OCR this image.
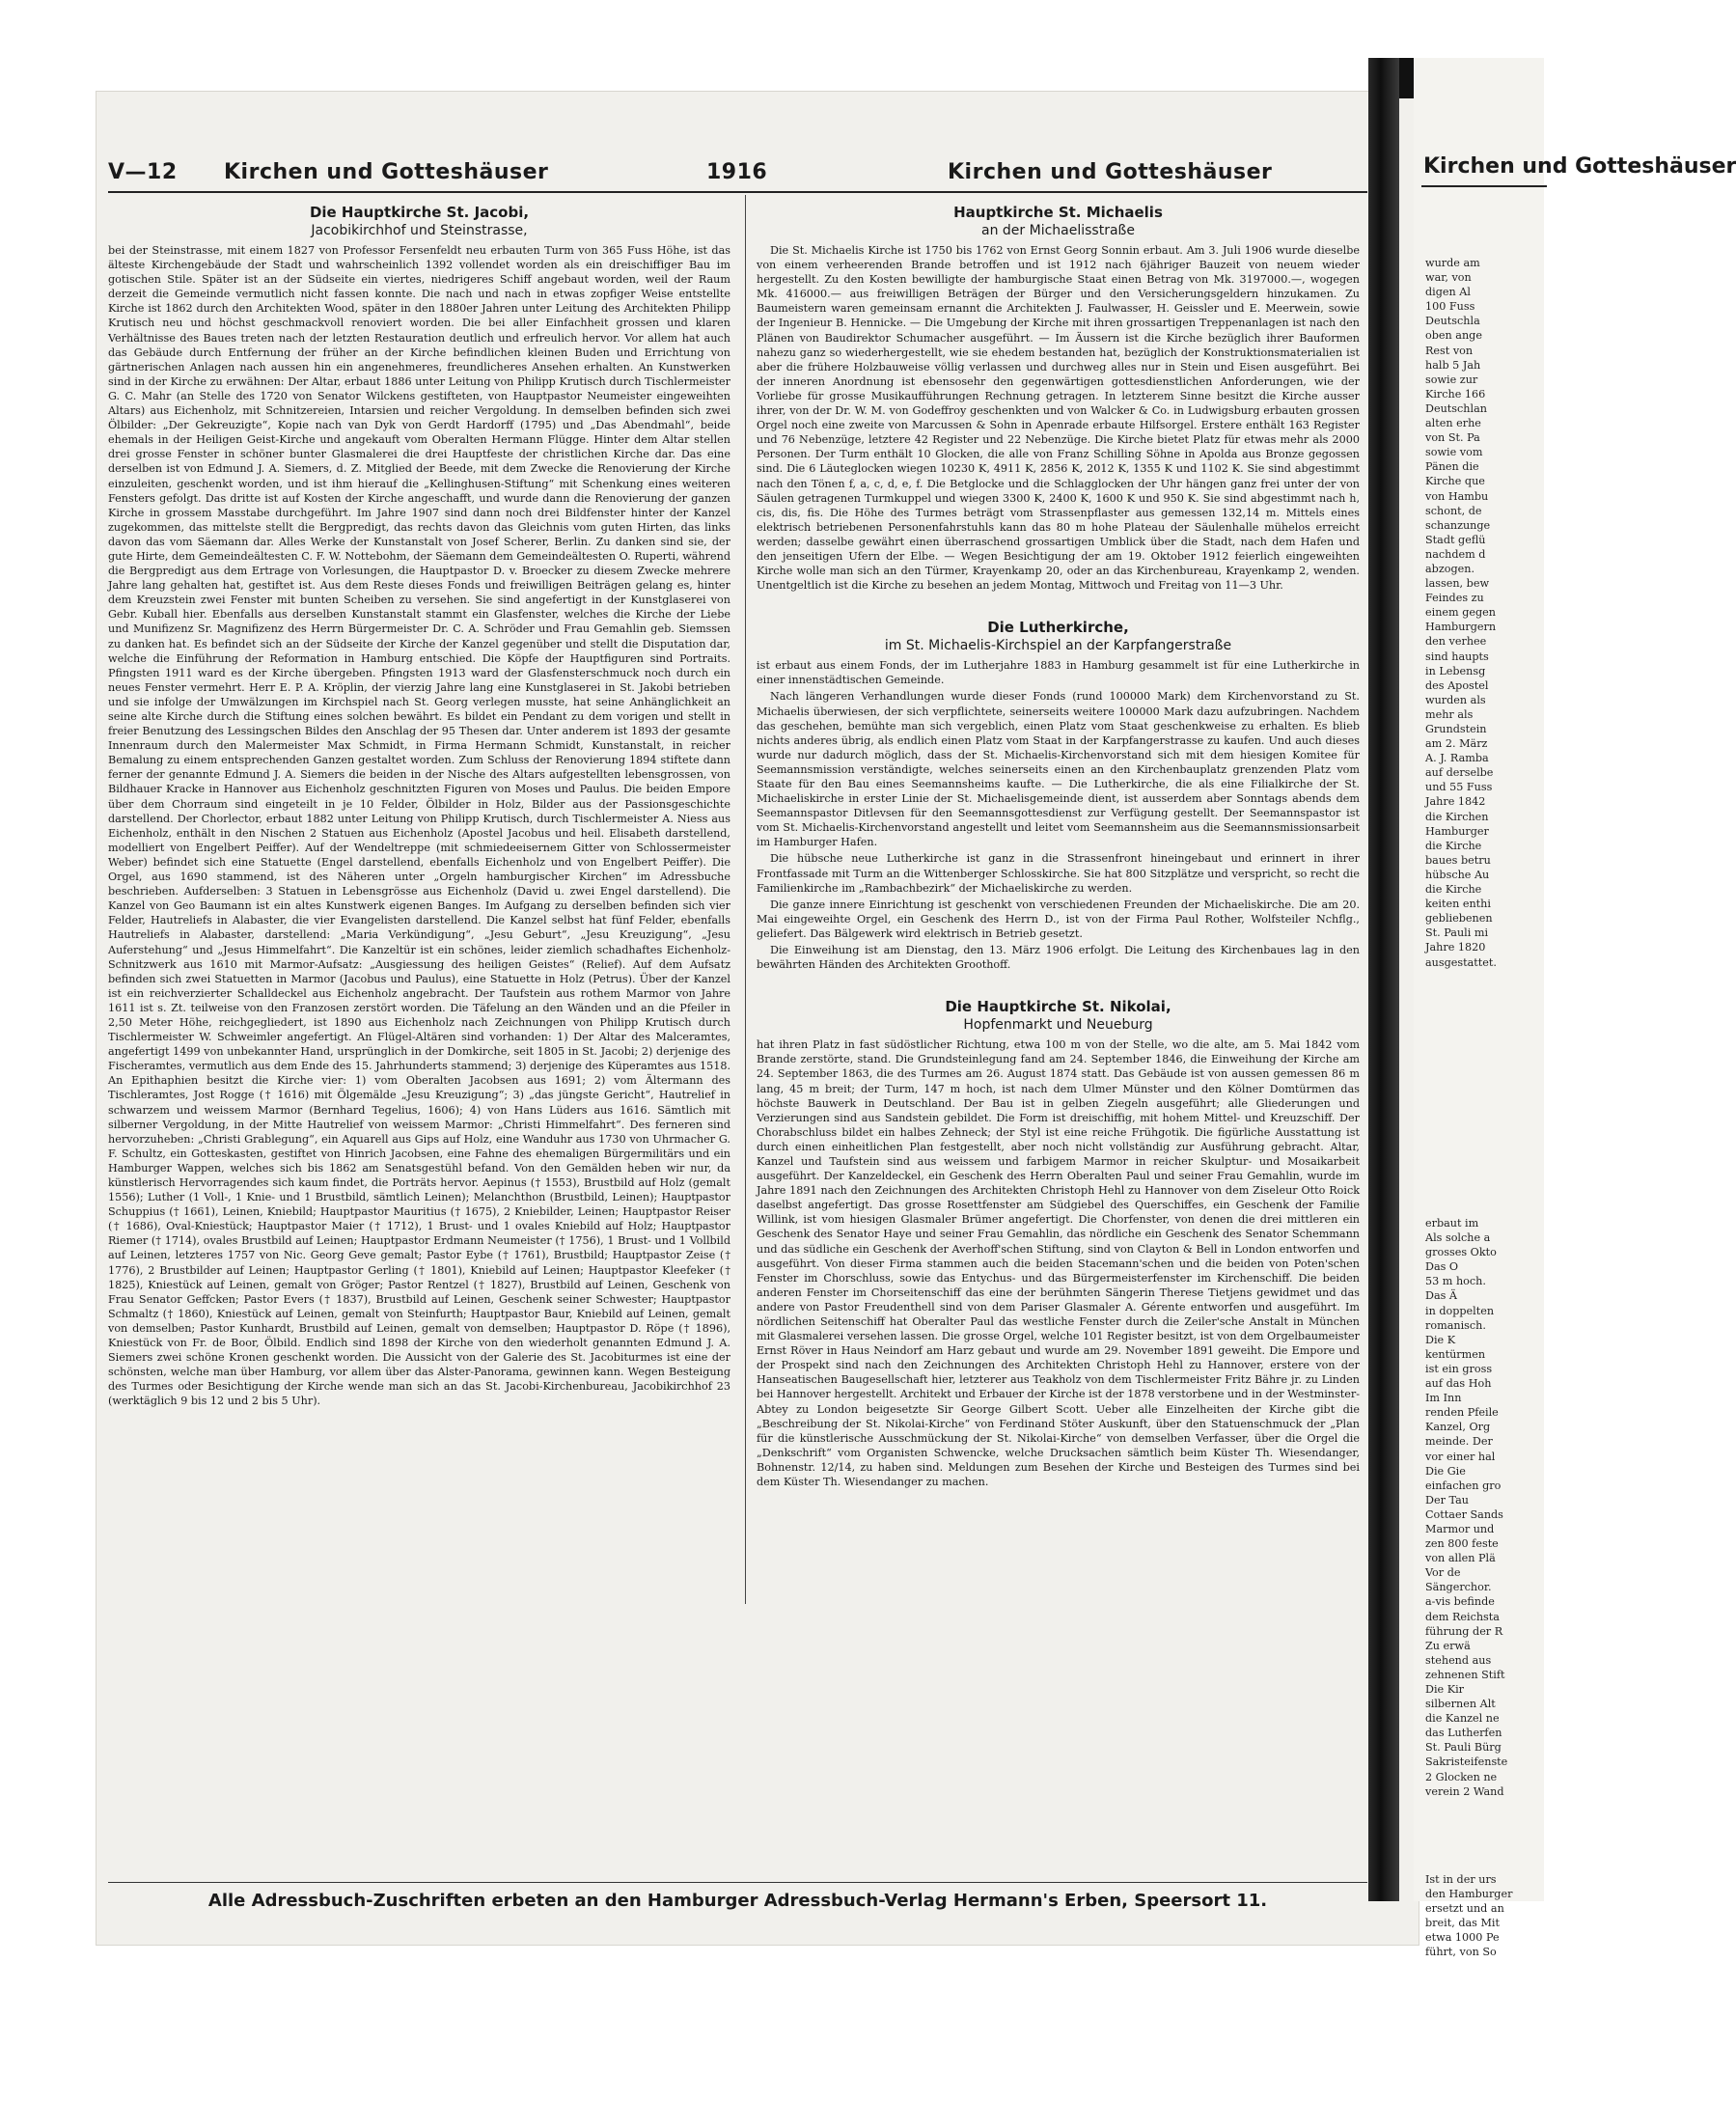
V—12 Kirchen und Gotteshäuser	1916	Kirchen und Gotteshäuser
Die Hauptkirche St. Jacobi,
Jacobikirchhof und Steinstrasse,

bei der Steinstrasse, mit einem 1827 von Professor Fersenfeldt neu erbauten Turm von 365 Fuss Höhe, ist das älteste Kirchengebäude der Stadt und wahrscheinlich 1392 vollendet worden als ein dreischiffiger Bau im gotischen Stile. Später ist an der Südseite ein viertes, niedrigeres Schiff angebaut worden, weil der Raum derzeit die Gemeinde vermutlich nicht fassen konnte. Die nach und nach in etwas zopfiger Weise entstellte Kirche ist 1862 durch den Architekten Wood, später in den 1880er Jahren unter Leitung des Architekten Philipp Krutisch neu und höchst geschmackvoll renoviert worden. Die bei aller Einfachheit grossen und klaren Verhältnisse des Baues treten nach der letzten Restauration deutlich und erfreulich hervor. Vor allem hat auch das Gebäude durch Entfernung der früher an der Kirche befindlichen kleinen Buden und Errichtung von gärtnerischen Anlagen nach aussen hin ein angenehmeres, freundlicheres Ansehen erhalten. An Kunstwerken sind in der Kirche zu erwähnen: Der Altar, erbaut 1886 unter Leitung von Philipp Krutisch durch Tischlermeister G. C. Mahr (an Stelle des 1720 von Senator Wilckens gestifteten, von Hauptpastor Neumeister eingeweihten Altars) aus Eichenholz, mit Schnitzereien, Intarsien und reicher Vergoldung. In demselben befinden sich zwei Ölbilder: „Der Gekreuzigte“, Kopie nach van Dyk von Gerdt Hardorff (1795) und „Das Abendmahl“, beide ehemals in der Heiligen Geist-Kirche und angekauft vom Oberalten Hermann Flügge. Hinter dem Altar stellen drei grosse Fenster in schöner bunter Glasmalerei die drei Hauptfeste der christlichen Kirche dar. Das eine derselben ist von Edmund J. A. Siemers, d. Z. Mitglied der Beede, mit dem Zwecke die Renovierung der Kirche einzuleiten, geschenkt worden, und ist ihm hierauf die „Kellinghusen-Stiftung“ mit Schenkung eines weiteren Fensters gefolgt. Das dritte ist auf Kosten der Kirche angeschafft, und wurde dann die Renovierung der ganzen Kirche in grossem Masstabe durchgeführt. Im Jahre 1907 sind dann noch drei Bildfenster hinter der Kanzel zugekommen, das mittelste stellt die Bergpredigt, das rechts davon das Gleichnis vom guten Hirten, das links davon das vom Säemann dar. Alles Werke der Kunstanstalt von Josef Scherer, Berlin. Zu danken sind sie, der gute Hirte, dem Gemeindeältesten C. F. W. Nottebohm, der Säemann dem Gemeindeältesten O. Ruperti, während die Bergpredigt aus dem Ertrage von Vorlesungen, die Hauptpastor D. v. Broecker zu diesem Zwecke mehrere Jahre lang gehalten hat, gestiftet ist. Aus dem Reste dieses Fonds und freiwilligen Beiträgen gelang es, hinter dem Kreuzstein zwei Fenster mit bunten Scheiben zu versehen. Sie sind angefertigt in der Kunstglaserei von Gebr. Kuball hier. Ebenfalls aus derselben Kunstanstalt stammt ein Glasfenster, welches die Kirche der Liebe und Munifizenz Sr. Magnifizenz des Herrn Bürgermeister Dr. C. A. Schröder und Frau Gemahlin geb. Siemssen zu danken hat. Es befindet sich an der Südseite der Kirche der Kanzel gegenüber und stellt die Disputation dar, welche die Einführung der Reformation in Hamburg entschied. Die Köpfe der Hauptfiguren sind Portraits. Pfingsten 1911 ward es der Kirche übergeben. Pfingsten 1913 ward der Glasfensterschmuck noch durch ein neues Fenster vermehrt. Herr E. P. A. Kröplin, der vierzig Jahre lang eine Kunstglaserei in St. Jakobi betrieben und sie infolge der Umwälzungen im Kirchspiel nach St. Georg verlegen musste, hat seine Anhänglichkeit an seine alte Kirche durch die Stiftung eines solchen bewährt. Es bildet ein Pendant zu dem vorigen und stellt in freier Benutzung des Lessingschen Bildes den Anschlag der 95 Thesen dar. Unter anderem ist 1893 der gesamte Innenraum durch den Malermeister Max Schmidt, in Firma Hermann Schmidt, Kunstanstalt, in reicher Bemalung zu einem entsprechenden Ganzen gestaltet worden. Zum Schluss der Renovierung 1894 stiftete dann ferner der genannte Edmund J. A. Siemers die beiden in der Nische des Altars aufgestellten lebensgrossen, von Bildhauer Kracke in Hannover aus Eichenholz geschnitzten Figuren von Moses und Paulus. Die beiden Empore über dem Chorraum sind eingeteilt in je 10 Felder, Ölbilder in Holz, Bilder aus der Passionsgeschichte darstellend. Der Chorlector, erbaut 1882 unter Leitung von Philipp Krutisch, durch Tischlermeister A. Niess aus Eichenholz, enthält in den Nischen 2 Statuen aus Eichenholz (Apostel Jacobus und heil. Elisabeth darstellend, modelliert von Engelbert Peiffer). Auf der Wendeltreppe (mit schmiedeeisernem Gitter von Schlossermeister Weber) befindet sich eine Statuette (Engel darstellend, ebenfalls Eichenholz und von Engelbert Peiffer). Die Orgel, aus 1690 stammend, ist des Näheren unter „Orgeln hamburgischer Kirchen“ im Adressbuche beschrieben. Aufderselben: 3 Statuen in Lebensgrösse aus Eichenholz (David u. zwei Engel darstellend). Die Kanzel von Geo Baumann ist ein altes Kunstwerk eigenen Banges. Im Aufgang zu derselben befinden sich vier Felder, Hautreliefs in Alabaster, die vier Evangelisten darstellend. Die Kanzel selbst hat fünf Felder, ebenfalls Hautreliefs in Alabaster, darstellend: „Maria Verkündigung“, „Jesu Geburt“, „Jesu Kreuzigung“, „Jesu Auferstehung“ und „Jesus Himmelfahrt“. Die Kanzeltür ist ein schönes, leider ziemlich schadhaftes Eichenholz-Schnitzwerk aus 1610 mit Marmor-Aufsatz: „Ausgiessung des heiligen Geistes“ (Relief). Auf dem Aufsatz befinden sich zwei Statuetten in Marmor (Jacobus und Paulus), eine Statuette in Holz (Petrus). Über der Kanzel ist ein reichverzierter Schalldeckel aus Eichenholz angebracht. Der Taufstein aus rothem Marmor von Jahre 1611 ist s. Zt. teilweise von den Franzosen zerstört worden. Die Täfelung an den Wänden und an die Pfeiler in 2,50 Meter Höhe, reichgegliedert, ist 1890 aus Eichenholz nach Zeichnungen von Philipp Krutisch durch Tischlermeister W. Schweimler angefertigt. An Flügel-Altären sind vorhanden: 1) Der Altar des Malceramtes, angefertigt 1499 von unbekannter Hand, ursprünglich in der Domkirche, seit 1805 in St. Jacobi; 2) derjenige des Fischeramtes, vermutlich aus dem Ende des 15. Jahrhunderts stammend; 3) derjenige des Küperamtes aus 1518. An Epithaphien besitzt die Kirche vier: 1) vom Oberalten Jacobsen aus 1691; 2) vom Ältermann des Tischleramtes, Jost Rogge († 1616) mit Ölgemälde „Jesu Kreuzigung“; 3) „das jüngste Gericht“, Hautrelief in schwarzem und weissem Marmor (Bernhard Tegelius, 1606); 4) von Hans Lüders aus 1616. Sämtlich mit silberner Vergoldung, in der Mitte Hautrelief von weissem Marmor: „Christi Himmelfahrt“. Des ferneren sind hervorzuheben: „Christi Grablegung“, ein Aquarell aus Gips auf Holz, eine Wanduhr aus 1730 von Uhrmacher G. F. Schultz, ein Gotteskasten, gestiftet von Hinrich Jacobsen, eine Fahne des ehemaligen Bürgermilitärs und ein Hamburger Wappen, welches sich bis 1862 am Senatsgestühl befand. Von den Gemälden heben wir nur, da künstlerisch Hervorragendes sich kaum findet, die Porträts hervor. Aepinus († 1553), Brustbild auf Holz (gemalt 1556); Luther (1 Voll-, 1 Knie- und 1 Brustbild, sämtlich Leinen); Melanchthon (Brustbild, Leinen); Hauptpastor Schuppius († 1661), Leinen, Kniebild; Hauptpastor Mauritius († 1675), 2 Kniebilder, Leinen; Hauptpastor Reiser († 1686), Oval-Kniestück; Hauptpastor Maier († 1712), 1 Brust- und 1 ovales Kniebild auf Holz; Hauptpastor Riemer († 1714), ovales Brustbild auf Leinen; Hauptpastor Erdmann Neumeister († 1756), 1 Brust- und 1 Vollbild auf Leinen, letzteres 1757 von Nic. Georg Geve gemalt; Pastor Eybe († 1761), Brustbild; Hauptpastor Zeise († 1776), 2 Brustbilder auf Leinen; Hauptpastor Gerling († 1801), Kniebild auf Leinen; Hauptpastor Kleefeker († 1825), Kniestück auf Leinen, gemalt von Gröger; Pastor Rentzel († 1827), Brustbild auf Leinen, Geschenk von Frau Senator Geffcken; Pastor Evers († 1837), Brustbild auf Leinen, Geschenk seiner Schwester; Hauptpastor Schmaltz († 1860), Kniestück auf Leinen, gemalt von Steinfurth; Hauptpastor Baur, Kniebild auf Leinen, gemalt von demselben; Pastor Kunhardt, Brustbild auf Leinen, gemalt von demselben; Hauptpastor D. Röpe († 1896), Kniestück von Fr. de Boor, Ölbild. Endlich sind 1898 der Kirche von den wiederholt genannten Edmund J. A. Siemers zwei schöne Kronen geschenkt worden. Die Aussicht von der Galerie des St. Jacobiturmes ist eine der schönsten, welche man über Hamburg, vor allem über das Alster-Panorama, gewinnen kann. Wegen Besteigung des Turmes oder Besichtigung der Kirche wende man sich an das St. Jacobi-Kirchenbureau, Jacobikirchhof 23 (werktäglich 9 bis 12 und 2 bis 5 Uhr).

Hauptkirche St. Michaelis
an der Michaelisstraße

Die St. Michaelis Kirche ist 1750 bis 1762 von Ernst Georg Sonnin erbaut. Am 3. Juli 1906 wurde dieselbe von einem verheerenden Brande betroffen und ist 1912 nach 6jähriger Bauzeit von neuem wieder hergestellt. Zu den Kosten bewilligte der hamburgische Staat einen Betrag von Mk. 3197000.—, wogegen Mk. 416000.— aus freiwilligen Beträgen der Bürger und den Versicherungsgeldern hinzukamen. Zu Baumeistern waren gemeinsam ernannt die Architekten J. Faulwasser, H. Geissler und E. Meerwein, sowie der Ingenieur B. Hennicke. — Die Umgebung der Kirche mit ihren grossartigen Treppenanlagen ist nach den Plänen von Baudirektor Schumacher ausgeführt. — Im Äussern ist die Kirche bezüglich ihrer Bauformen nahezu ganz so wiederhergestellt, wie sie ehedem bestanden hat, bezüglich der Konstruktionsmaterialien ist aber die frühere Holzbauweise völlig verlassen und durchweg alles nur in Stein und Eisen ausgeführt. Bei der inneren Anordnung ist ebensosehr den gegenwärtigen gottesdienstlichen Anforderungen, wie der Vorliebe für grosse Musikaufführungen Rechnung getragen. In letzterem Sinne besitzt die Kirche ausser ihrer, von der Dr. W. M. von Godeffroy geschenkten und von Walcker & Co. in Ludwigsburg erbauten grossen Orgel noch eine zweite von Marcussen & Sohn in Apenrade erbaute Hilfsorgel. Erstere enthält 163 Register und 76 Nebenzüge, letztere 42 Register und 22 Nebenzüge. Die Kirche bietet Platz für etwas mehr als 2000 Personen. Der Turm enthält 10 Glocken, die alle von Franz Schilling Söhne in Apolda aus Bronze gegossen sind. Die 6 Läuteglocken wiegen 10230 K, 4911 K, 2856 K, 2012 K, 1355 K und 1102 K. Sie sind abgestimmt nach den Tönen f, a, c, d, e, f. Die Betglocke und die Schlagglocken der Uhr hängen ganz frei unter der von Säulen getragenen Turmkuppel und wiegen 3300 K, 2400 K, 1600 K und 950 K. Sie sind abgestimmt nach h, cis, dis, fis. Die Höhe des Turmes beträgt vom Strassenpflaster aus gemessen 132,14 m. Mittels eines elektrisch betriebenen Personenfahrstuhls kann das 80 m hohe Plateau der Säulenhalle mühelos erreicht werden; dasselbe gewährt einen überraschend grossartigen Umblick über die Stadt, nach dem Hafen und den jenseitigen Ufern der Elbe. — Wegen Besichtigung der am 19. Oktober 1912 feierlich eingeweihten Kirche wolle man sich an den Türmer, Krayenkamp 20, oder an das Kirchenbureau, Krayenkamp 2, wenden. Unentgeltlich ist die Kirche zu besehen an jedem Montag, Mittwoch und Freitag von 11—3 Uhr.

Die Lutherkirche,
im St. Michaelis-Kirchspiel an der Karpfangerstraße

ist erbaut aus einem Fonds, der im Lutherjahre 1883 in Hamburg gesammelt ist für eine Lutherkirche in einer innenstädtischen Gemeinde.

Nach längeren Verhandlungen wurde dieser Fonds (rund 100000 Mark) dem Kirchenvorstand zu St. Michaelis überwiesen, der sich verpflichtete, seinerseits weitere 100000 Mark dazu aufzubringen. Nachdem das geschehen, bemühte man sich vergeblich, einen Platz vom Staat geschenkweise zu erhalten. Es blieb nichts anderes übrig, als endlich einen Platz vom Staat in der Karpfangerstrasse zu kaufen. Und auch dieses wurde nur dadurch möglich, dass der St. Michaelis-Kirchenvorstand sich mit dem hiesigen Komitee für Seemannsmission verständigte, welches seinerseits einen an den Kirchenbauplatz grenzenden Platz vom Staate für den Bau eines Seemannsheims kaufte. — Die Lutherkirche, die als eine Filialkirche der St. Michaeliskirche in erster Linie der St. Michaelisgemeinde dient, ist ausserdem aber Sonntags abends dem Seemannspastor Ditlevsen für den Seemannsgottesdienst zur Verfügung gestellt. Der Seemannspastor ist vom St. Michaelis-Kirchenvorstand angestellt und leitet vom Seemannsheim aus die Seemannsmissionsarbeit im Hamburger Hafen.

Die hübsche neue Lutherkirche ist ganz in die Strassenfront hineingebaut und erinnert in ihrer Frontfassade mit Turm an die Wittenberger Schlosskirche. Sie hat 800 Sitzplätze und verspricht, so recht die Familienkirche im „Rambachbezirk“ der Michaeliskirche zu werden.

Die ganze innere Einrichtung ist geschenkt von verschiedenen Freunden der Michaeliskirche. Die am 20. Mai eingeweihte Orgel, ein Geschenk des Herrn D., ist von der Firma Paul Rother, Wolfsteiler Nchflg., geliefert. Das Bälgewerk wird elektrisch in Betrieb gesetzt.

Die Einweihung ist am Dienstag, den 13. März 1906 erfolgt. Die Leitung des Kirchenbaues lag in den bewährten Händen des Architekten Groothoff.

Die Hauptkirche St. Nikolai,
Hopfenmarkt und Neueburg

hat ihren Platz in fast südöstlicher Richtung, etwa 100 m von der Stelle, wo die alte, am 5. Mai 1842 vom Brande zerstörte, stand. Die Grundsteinlegung fand am 24. September 1846, die Einweihung der Kirche am 24. September 1863, die des Turmes am 26. August 1874 statt. Das Gebäude ist von aussen gemessen 86 m lang, 45 m breit; der Turm, 147 m hoch, ist nach dem Ulmer Münster und den Kölner Domtürmen das höchste Bauwerk in Deutschland. Der Bau ist in gelben Ziegeln ausgeführt; alle Gliederungen und Verzierungen sind aus Sandstein gebildet. Die Form ist dreischiffig, mit hohem Mittel- und Kreuzschiff. Der Chorabschluss bildet ein halbes Zehneck; der Styl ist eine reiche Frühgotik. Die figürliche Ausstattung ist durch einen einheitlichen Plan festgestellt, aber noch nicht vollständig zur Ausführung gebracht. Altar, Kanzel und Taufstein sind aus weissem und farbigem Marmor in reicher Skulptur- und Mosaikarbeit ausgeführt. Der Kanzeldeckel, ein Geschenk des Herrn Oberalten Paul und seiner Frau Gemahlin, wurde im Jahre 1891 nach den Zeichnungen des Architekten Christoph Hehl zu Hannover von dem Ziseleur Otto Roick daselbst angefertigt. Das grosse Rosettfenster am Südgiebel des Querschiffes, ein Geschenk der Familie Willink, ist vom hiesigen Glasmaler Brümer angefertigt. Die Chorfenster, von denen die drei mittleren ein Geschenk des Senator Haye und seiner Frau Gemahlin, das nördliche ein Geschenk des Senator Schemmann und das südliche ein Geschenk der Averhoff'schen Stiftung, sind von Clayton & Bell in London entworfen und ausgeführt. Von dieser Firma stammen auch die beiden Stacemann'schen und die beiden von Poten'schen Fenster im Chorschluss, sowie das Entychus- und das Bürgermeisterfenster im Kirchenschiff. Die beiden anderen Fenster im Chorseitenschiff das eine der berühmten Sängerin Therese Tietjens gewidmet und das andere von Pastor Freudenthell sind von dem Pariser Glasmaler A. Gérente entworfen und ausgeführt. Im nördlichen Seitenschiff hat Oberalter Paul das westliche Fenster durch die Zeiler'sche Anstalt in München mit Glasmalerei versehen lassen. Die grosse Orgel, welche 101 Register besitzt, ist von dem Orgelbaumeister Ernst Röver in Haus Neindorf am Harz gebaut und wurde am 29. November 1891 geweiht. Die Empore und der Prospekt sind nach den Zeichnungen des Architekten Christoph Hehl zu Hannover, erstere von der Hanseatischen Baugesellschaft hier, letzterer aus Teakholz von dem Tischlermeister Fritz Bähre jr. zu Linden bei Hannover hergestellt. Architekt und Erbauer der Kirche ist der 1878 verstorbene und in der Westminster-Abtey zu London beigesetzte Sir George Gilbert Scott. Ueber alle Einzelheiten der Kirche gibt die „Beschreibung der St. Nikolai-Kirche“ von Ferdinand Stöter Auskunft, über den Statuenschmuck der „Plan für die künstlerische Ausschmückung der St. Nikolai-Kirche“ von demselben Verfasser, über die Orgel die „Denkschrift“ vom Organisten Schwencke, welche Drucksachen sämtlich beim Küster Th. Wiesendanger, Bohnenstr. 12/14, zu haben sind. Meldungen zum Besehen der Kirche und Besteigen des Turmes sind bei dem Küster Th. Wiesendanger zu machen.

Alle Adressbuch-Zuschriften erbeten an den Hamburger Adressbuch-Verlag Hermann's Erben, Speersort 11.
Kirchen und Gotteshäuser
wurde am
war, von
digen Al
100 Fuss
Deutschla
oben ange
Rest von
halb 5 Jah
sowie zur
Kirche 166
Deutschlan
alten erhe
von St. Pa
sowie vom
Pänen die
Kirche que
von Hambu
schont, de
schanzunge
Stadt geflü
nachdem d
abzogen.
lassen, bew
Feindes zu
einem gegen
Hamburgern
den verhee
sind haupts
in Lebensg
des Apostel
wurden als
mehr als
Grundstein
am 2. März
A. J. Ramba
auf derselbe
und 55 Fuss
Jahre 1842
die Kirchen
Hamburger
die Kirche
baues betru
hübsche Au
die Kirche
keiten enthi
gebliebenen
St. Pauli mi
Jahre 1820
ausgestattet.
erbaut im
Als solche a
grosses Okto
Das O
53 m hoch.
Das Ä
in doppelten
romanisch.
Die K
kentürmen
ist ein gross
auf das Hoh
Im Inn
renden Pfeile
Kanzel, Org
meinde. Der
vor einer hal
Die Gie
einfachen gro
Der Tau
Cottaer Sands
Marmor und
zen 800 feste
von allen Plä
Vor de
Sängerchor.
a-vis befinde
dem Reichsta
führung der R
Zu erwä
stehend aus
zehnenen Stift
Die Kir
silbernen Alt
die Kanzel ne
das Lutherfen
St. Pauli Bürg
Sakristeifenste
2 Glocken ne
verein 2 Wand
Ist in der urs
den Hamburger
ersetzt und an
breit, das Mit
etwa 1000 Pe
führt, von So
